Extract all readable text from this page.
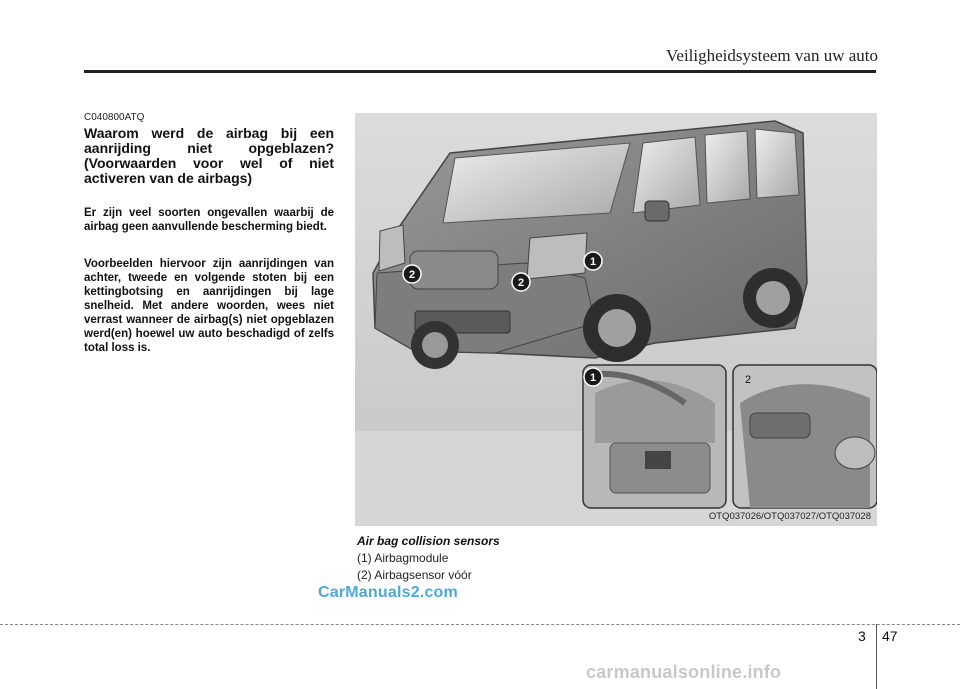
Veiligheidsysteem van uw auto
C040800ATQ
Waarom werd de airbag bij een aanrijding niet opgeblazen? (Voorwaarden voor wel of niet activeren van de airbags)
Er zijn veel soorten ongevallen waarbij de airbag geen aanvullende bescherming biedt.
Voorbeelden hiervoor zijn aanrijdingen van achter, tweede en volgende stoten bij een kettingbotsing en aanrijdingen bij lage snelheid. Met andere woorden, wees niet verrast wanneer de airbag(s) niet opgeblazen werd(en) hoewel uw auto beschadigd of zelfs total loss is.
2
2
1
1	2
OTQ037026/OTQ037027/OTQ037028
Air bag collision sensors
(1) Airbagmodule
(2) Airbagsensor vóór
CarManuals2.com
3 47
carmanualsonline.info
